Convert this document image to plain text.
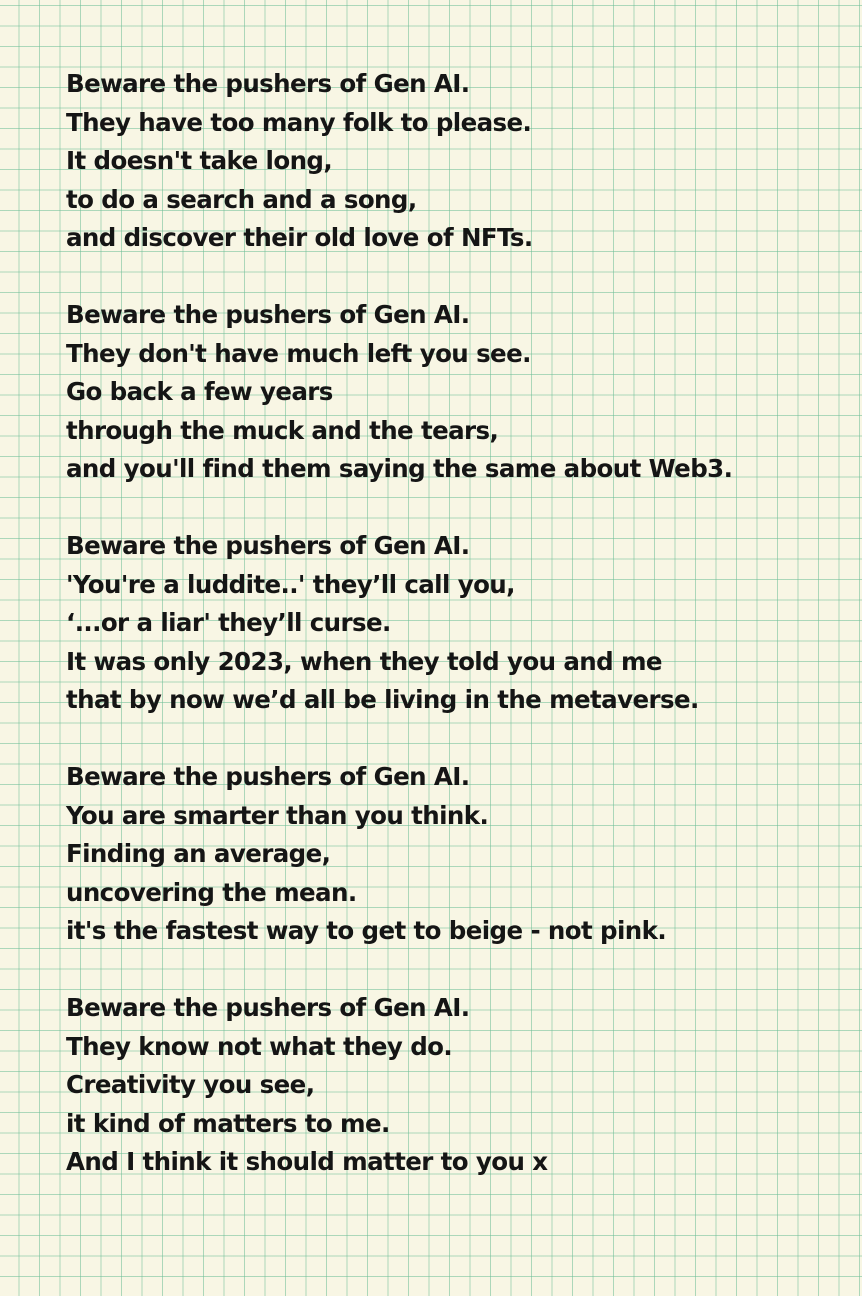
Beware the pushers of Gen AI.
They have too many folk to please.
It doesn't take long,
to do a search and a song,
and discover their old love of NFTs.
Beware the pushers of Gen AI.
They don't have much left you see.
Go back a few years
through the muck and the tears,
and you'll find them saying the same about Web3.
Beware the pushers of Gen AI.
'You're a luddite..' they’ll call you,
‘...or a liar' they’ll curse.
It was only 2023, when they told you and me
that by now we’d all be living in the metaverse.
Beware the pushers of Gen AI.
You are smarter than you think.
Finding an average,
uncovering the mean.
it's the fastest way to get to beige - not pink.
Beware the pushers of Gen AI.
They know not what they do.
Creativity you see,
it kind of matters to me.
And I think it should matter to you x
